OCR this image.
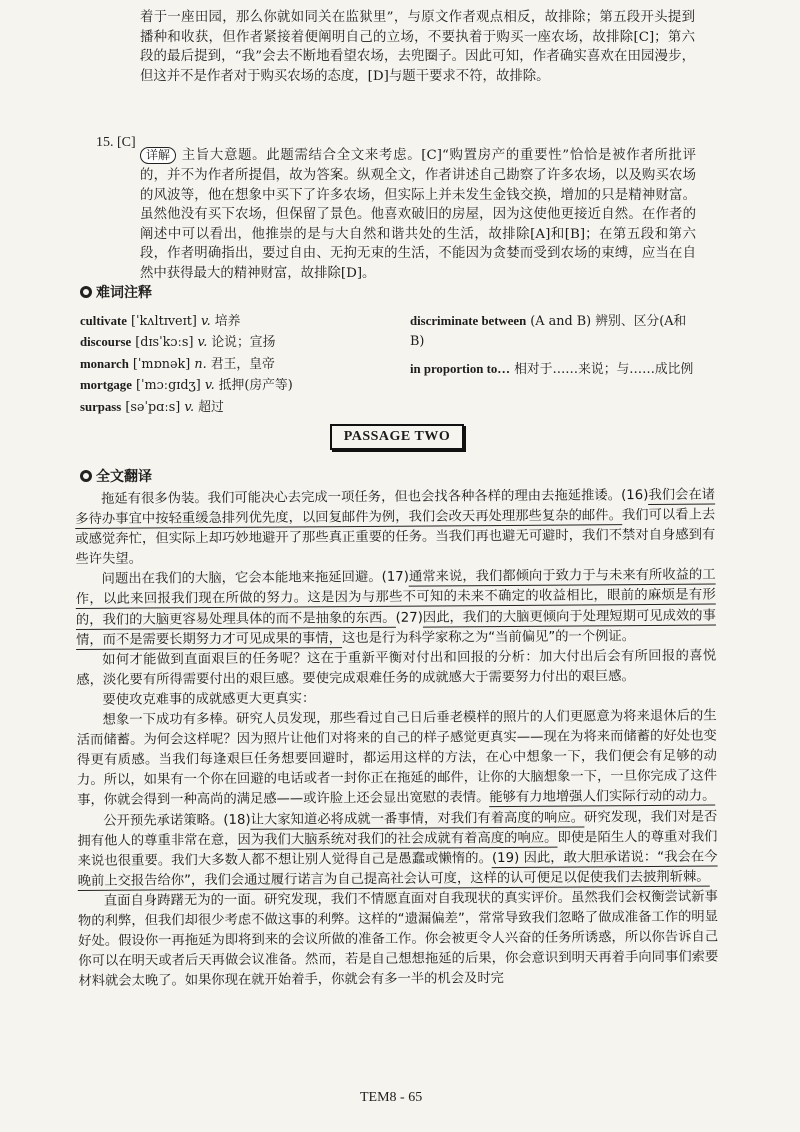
着于一座田园，那么你就如同关在监狱里”，与原文作者观点相反，故排除；第五段开头提到播种和收获，但作者紧接着便阐明自己的立场，不要执着于购买一座农场，故排除[C]；第六段的最后提到，“我”会去不断地看望农场，去兜圈子。因此可知，作者确实喜欢在田园漫步，但这并不是作者对于购买农场的态度，[D]与题干要求不符，故排除。

15. [C]

详解 主旨大意题。此题需结合全文来考虑。[C]“购置房产的重要性”恰恰是被作者所批评的，并不为作者所提倡，故为答案。纵观全文，作者讲述自己勘察了许多农场，以及购买农场的风波等，他在想象中买下了许多农场，但实际上并未发生金钱交换，增加的只是精神财富。虽然他没有买下农场，但保留了景色。他喜欢破旧的房屋，因为这使他更接近自然。在作者的阐述中可以看出，他推崇的是与大自然和谐共处的生活，故排除[A]和[B]；在第五段和第六段，作者明确指出，要过自由、无拘无束的生活，不能因为贪婪而受到农场的束缚，应当在自然中获得最大的精神财富，故排除[D]。

难词注释
cultivate [ˈkʌltɪveɪt] v. 培养
discourse [dɪsˈkɔːs] v. 论说；宣扬
monarch [ˈmɒnək] n. 君王，皇帝
mortgage [ˈmɔːgɪdʒ] v. 抵押(房产等)
surpass [səˈpɑːs] v. 超过
discriminate between (A and B) 辨别、区分(A和B)
in proportion to… 相对于……来说；与……成比例
PASSAGE TWO
全文翻译

拖延有很多伪装。我们可能决心去完成一项任务，但也会找各种各样的理由去拖延推诿。(16)我们会在诸多待办事宜中按轻重缓急排列优先度，以回复邮件为例，我们会改天再处理那些复杂的邮件。我们可以看上去或感觉奔忙，但实际上却巧妙地避开了那些真正重要的任务。当我们再也避无可避时，我们不禁对自身感到有些许失望。

问题出在我们的大脑，它会本能地来拖延回避。(17)通常来说，我们都倾向于致力于与未来有所收益的工作，以此来回报我们现在所做的努力。这是因为与那些不可知的未来不确定的收益相比，眼前的麻烦是有形的，我们的大脑更容易处理具体的而不是抽象的东西。(27)因此，我们的大脑更倾向于处理短期可见成效的事情，而不是需要长期努力才可见成果的事情，这也是行为科学家称之为“当前偏见”的一个例证。

如何才能做到直面艰巨的任务呢？这在于重新平衡对付出和回报的分析：加大付出后会有所回报的喜悦感，淡化要有所得需要付出的艰巨感。要使完成艰难任务的成就感大于需要努力付出的艰巨感。

要使攻克难事的成就感更大更真实：

想象一下成功有多棒。研究人员发现，那些看过自己日后垂老模样的照片的人们更愿意为将来退休后的生活而储蓄。为何会这样呢？因为照片让他们对将来的自己的样子感觉更真实——现在为将来而储蓄的好处也变得更有质感。当我们每逢艰巨任务想要回避时，都运用这样的方法，在心中想象一下，我们便会有足够的动力。所以，如果有一个你在回避的电话或者一封你正在拖延的邮件，让你的大脑想象一下，一旦你完成了这件事，你就会得到一种高尚的满足感——或许脸上还会显出宽慰的表情。能够有力地增强人们实际行动的动力。

公开预先承诺策略。(18)让大家知道必将成就一番事情，对我们有着高度的响应。研究发现，我们对是否拥有他人的尊重非常在意，因为我们大脑系统对我们的社会成就有着高度的响应。即使是陌生人的尊重对我们来说也很重要。我们大多数人都不想让别人觉得自己是愚蠢或懒惰的。(19) 因此，敢大胆承诺说：“我会在今晚前上交报告给你”，我们会通过履行诺言为自己提高社会认可度，这样的认可便足以促使我们去披荆斩棘。

直面自身踌躇无为的一面。研究发现，我们不情愿直面对自我现状的真实评价。虽然我们会权衡尝试新事物的利弊，但我们却很少考虑不做这事的利弊。这样的“遗漏偏差”，常常导致我们忽略了做成准备工作的明显好处。假设你一再拖延为即将到来的会议所做的准备工作。你会被更令人兴奋的任务所诱惑，所以你告诉自己你可以在明天或者后天再做会议准备。然而，若是自己想想拖延的后果，你会意识到明天再着手向同事们索要材料就会太晚了。如果你现在就开始着手，你就会有多一半的机会及时完

TEM8 - 65
